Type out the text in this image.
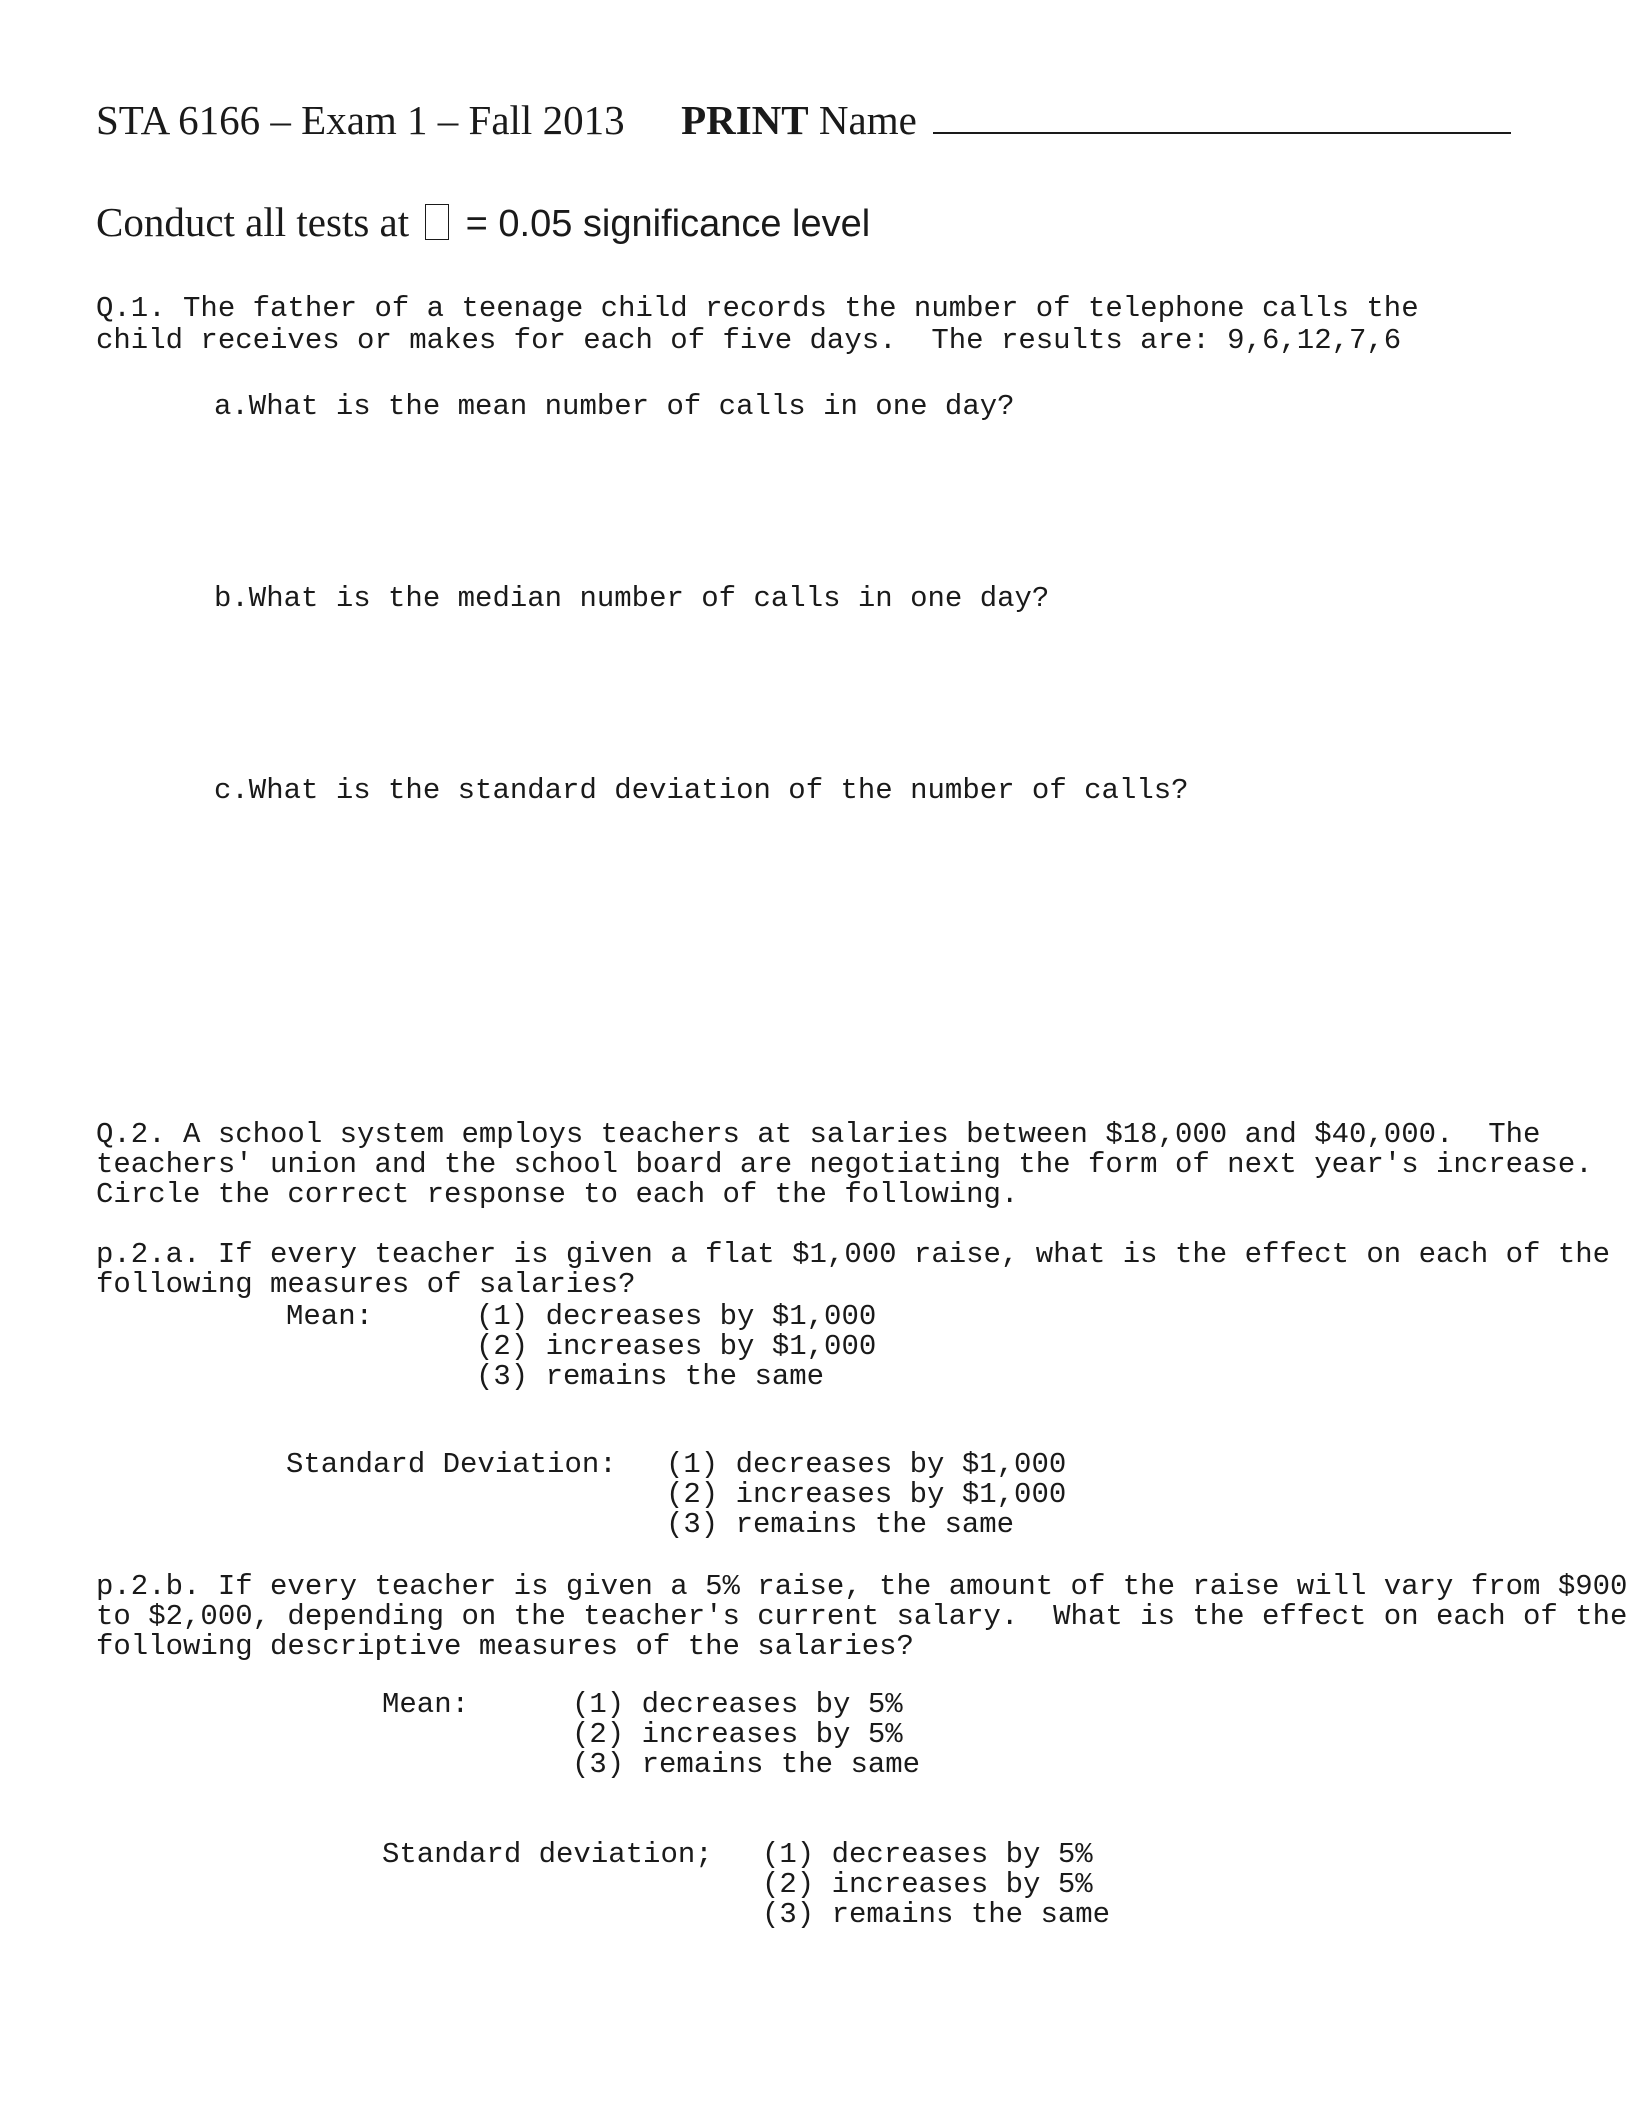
STA 6166 – Exam 1 – Fall 2013 PRINT Name
Conduct all tests at = 0.05 significance level
Q.1. The father of a teenage child records the number of telephone calls the
child receives or makes for each of five days.  The results are: 9,6,12,7,6
a.What is the mean number of calls in one day?
b.What is the median number of calls in one day?
c.What is the standard deviation of the number of calls?
Q.2. A school system employs teachers at salaries between $18,000 and $40,000.  The
teachers' union and the school board are negotiating the form of next year's increase.
Circle the correct response to each of the following.
p.2.a. If every teacher is given a flat $1,000 raise, what is the effect on each of the
following measures of salaries?
Mean:	(1) decreases by $1,000
(2) increases by $1,000
(3) remains the same
Standard Deviation: (1) decreases by $1,000
(2) increases by $1,000
(3) remains the same
p.2.b. If every teacher is given a 5% raise, the amount of the raise will vary from $900
to $2,000, depending on the teacher's current salary.  What is the effect on each of the
following descriptive measures of the salaries?
Mean:	(1) decreases by 5%
(2) increases by 5%
(3) remains the same
Standard deviation; (1) decreases by 5%
(2) increases by 5%
(3) remains the same
